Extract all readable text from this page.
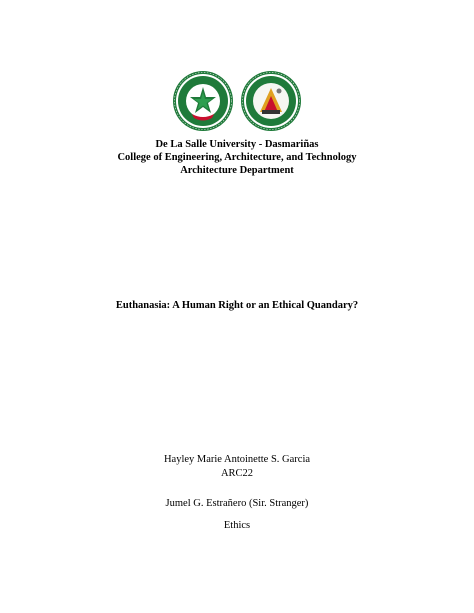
De La Salle University - Dasmariñas
College of Engineering, Architecture, and Technology
Architecture Department
Euthanasia: A Human Right or an Ethical Quandary?
Hayley Marie Antoinette S. Garcia
ARC22
Jumel G. Estrañero (Sir. Stranger)
Ethics
